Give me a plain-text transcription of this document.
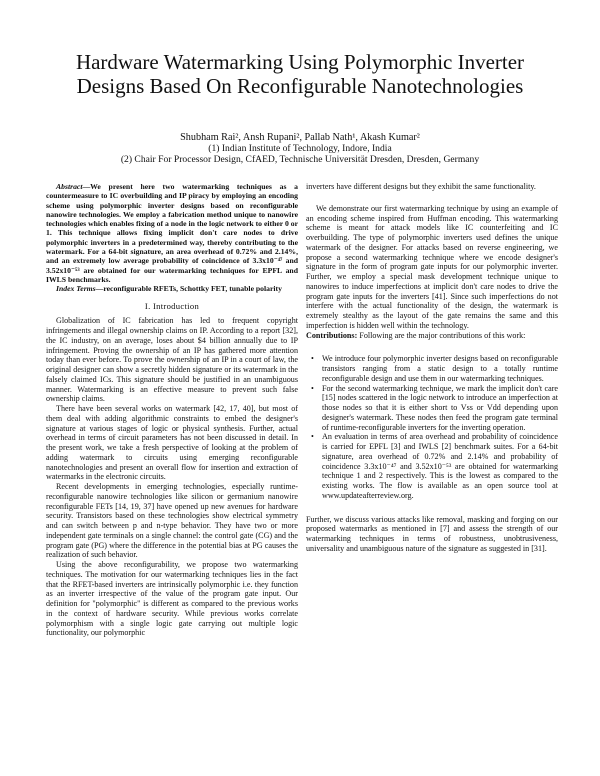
Hardware Watermarking Using Polymorphic Inverter Designs Based On Reconfigurable Nanotechnologies
Shubham Rai², Ansh Rupani², Pallab Nath¹, Akash Kumar²
(1) Indian Institute of Technology, Indore, India
(2) Chair For Processor Design, CfAED, Technische Universität Dresden, Dresden, Germany

Abstract—We present here two watermarking techniques as a countermeasure to IC overbuilding and IP piracy by employing an encoding scheme using polymorphic inverter designs based on reconfigurable nanowire technologies. We employ a fabrication method unique to nanowire technologies which enables fixing of a node in the logic network to either 0 or 1. This technique allows fixing implicit don't care nodes to drive polymorphic inverters in a predetermined way, thereby contributing to the watermark. For a 64-bit signature, an area overhead of 0.72% and 2.14%, and an extremely low average probability of coincidence of 3.3x10⁻⁴⁷ and 3.52x10⁻⁵³ are obtained for our watermarking techniques for EPFL and IWLS benchmarks.

Index Terms—reconfigurable RFETs, Schottky FET, tunable polarity

I. Introduction

Globalization of IC fabrication has led to frequent copyright infringements and illegal ownership claims on IP. According to a report [32], the IC industry, on an average, loses about $4 billion annually due to IP infringement. Proving the ownership of an IP has gathered more attention today than ever before. To prove the ownership of an IP in a court of law, the original designer can show a secretly hidden signature or its watermark in the falsely claimed ICs. This signature should be justified in an unambiguous manner. Watermarking is an effective measure to prevent such false ownership claims.

There have been several works on watermark [42, 17, 40], but most of them deal with adding algorithmic constraints to embed the designer's signature at various stages of logic or physical synthesis. Further, actual overhead in terms of circuit parameters has not been discussed in detail. In the present work, we take a fresh perspective of looking at the problem of adding watermark to circuits using emerging reconfigurable nanotechnologies and present an overall flow for insertion and extraction of watermarks in the electronic circuits.

Recent developments in emerging technologies, especially runtime-reconfigurable nanowire technologies like silicon or germanium nanowire reconfigurable FETs [14, 19, 37] have opened up new avenues for hardware security. Transistors based on these technologies show electrical symmetry and can switch between p and n-type behavior. They have two or more independent gate terminals on a single channel: the control gate (CG) and the program gate (PG) where the difference in the potential bias at PG causes the realization of such behavior.

Using the above reconfigurability, we propose two watermarking techniques. The motivation for our watermarking techniques lies in the fact that the RFET-based inverters are intrinsically polymorphic i.e. they function as an inverter irrespective of the value of the program gate input. Our definition for "polymorphic" is different as compared to the previous works in the context of hardware security. While previous works correlate polymorphism with a single logic gate carrying out multiple logic functionality, our polymorphic

inverters have different designs but they exhibit the same functionality.

We demonstrate our first watermarking technique by using an example of an encoding scheme inspired from Huffman encoding. This watermarking scheme is meant for attack models like IC counterfeiting and IC overbuilding. The type of polymorphic inverters used defines the unique watermark of the designer. For attacks based on reverse engineering, we propose a second watermarking technique where we encode designer's signature in the form of program gate inputs for our polymorphic inverter. Further, we employ a special mask development technique unique to nanowires to induce imperfections at implicit don't care nodes to drive the program gate inputs for the inverters [41]. Since such imperfections do not interfere with the actual functionality of the design, the watermark is extremely stealthy as the layout of the gate remains the same and this imperfection is hidden well within the technology.

Contributions: Following are the major contributions of this work:

• We introduce four polymorphic inverter designs based on reconfigurable transistors ranging from a static design to a totally runtime reconfigurable design and use them in our watermarking techniques.
• For the second watermarking technique, we mark the implicit don't care [15] nodes scattered in the logic network to introduce an imperfection at those nodes so that it is either short to Vss or Vdd depending upon designer's watermark. These nodes then feed the program gate terminal of runtime-reconfigurable inverters for the inverting operation.
• An evaluation in terms of area overhead and probability of coincidence is carried for EPFL [3] and IWLS [2] benchmark suites. For a 64-bit signature, area overhead of 0.72% and 2.14% and probability of coincidence 3.3x10⁻⁴⁷ and 3.52x10⁻⁵³ are obtained for watermarking technique 1 and 2 respectively. This is the lowest as compared to the existing works. The flow is available as an open source tool at www.updateafterreview.org.

Further, we discuss various attacks like removal, masking and forging on our proposed watermarks as mentioned in [7] and assess the strength of our watermarking techniques in terms of robustness, unobtrusiveness, universality and unambiguous nature of the signature as suggested in [31].
